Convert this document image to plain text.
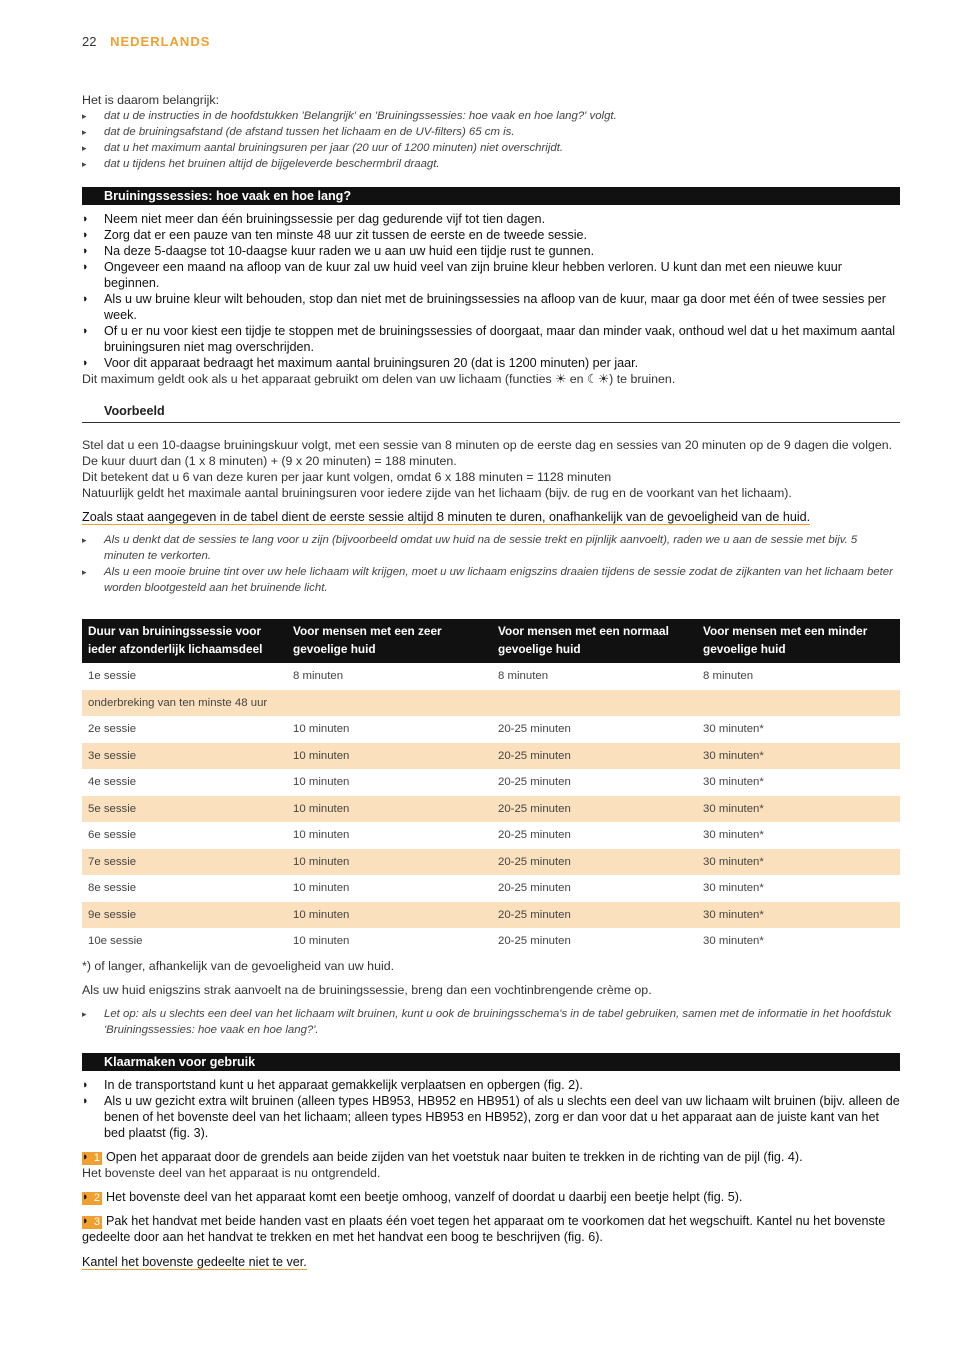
22 NEDERLANDS
Het is daarom belangrijk:
▸ dat u de instructies in de hoofdstukken 'Belangrijk' en 'Bruiningssessies: hoe vaak en hoe lang?' volgt.
▸ dat de bruiningsafstand (de afstand tussen het lichaam en de UV-filters) 65 cm is.
▸ dat u het maximum aantal bruiningsuren per jaar (20 uur of 1200 minuten) niet overschrijdt.
▸ dat u tijdens het bruinen altijd de bijgeleverde beschermbril draagt.
Bruiningssessies: hoe vaak en hoe lang?
◗ Neem niet meer dan één bruiningssessie per dag gedurende vijf tot tien dagen.
◗ Zorg dat er een pauze van ten minste 48 uur zit tussen de eerste en de tweede sessie.
◗ Na deze 5-daagse tot 10-daagse kuur raden we u aan uw huid een tijdje rust te gunnen.
◗ Ongeveer een maand na afloop van de kuur zal uw huid veel van zijn bruine kleur hebben verloren. U kunt dan met een nieuwe kuur beginnen.
◗ Als u uw bruine kleur wilt behouden, stop dan niet met de bruiningssessies na afloop van de kuur, maar ga door met één of twee sessies per week.
◗ Of u er nu voor kiest een tijdje te stoppen met de bruiningssessies of doorgaat, maar dan minder vaak, onthoud wel dat u het maximum aantal bruiningsuren niet mag overschrijden.
◗ Voor dit apparaat bedraagt het maximum aantal bruiningsuren 20 (dat is 1200 minuten) per jaar.
Dit maximum geldt ook als u het apparaat gebruikt om delen van uw lichaam (functies ☀ en ☾☀) te bruinen.
Voorbeeld
Stel dat u een 10-daagse bruiningskuur volgt, met een sessie van 8 minuten op de eerste dag en sessies van 20 minuten op de 9 dagen die volgen.
De kuur duurt dan (1 x 8 minuten) + (9 x 20 minuten) = 188 minuten.
Dit betekent dat u 6 van deze kuren per jaar kunt volgen, omdat 6 x 188 minuten = 1128 minuten
Natuurlijk geldt het maximale aantal bruiningsuren voor iedere zijde van het lichaam (bijv. de rug en de voorkant van het lichaam).
Zoals staat aangegeven in de tabel dient de eerste sessie altijd 8 minuten te duren, onafhankelijk van de gevoeligheid van de huid.
▸ Als u denkt dat de sessies te lang voor u zijn (bijvoorbeeld omdat uw huid na de sessie trekt en pijnlijk aanvoelt), raden we u aan de sessie met bijv. 5 minuten te verkorten.
▸ Als u een mooie bruine tint over uw hele lichaam wilt krijgen, moet u uw lichaam enigszins draaien tijdens de sessie zodat de zijkanten van het lichaam beter worden blootgesteld aan het bruinende licht.
Duur van bruiningssessie voor ieder afzonderlijk lichaamsdeel	Voor mensen met een zeer gevoelige huid	Voor mensen met een normaal gevoelige huid	Voor mensen met een minder gevoelige huid
1e sessie	8 minuten	8 minuten	8 minuten
onderbreking van ten minste 48 uur			
2e sessie	10 minuten	20-25 minuten	30 minuten*
3e sessie	10 minuten	20-25 minuten	30 minuten*
4e sessie	10 minuten	20-25 minuten	30 minuten*
5e sessie	10 minuten	20-25 minuten	30 minuten*
6e sessie	10 minuten	20-25 minuten	30 minuten*
7e sessie	10 minuten	20-25 minuten	30 minuten*
8e sessie	10 minuten	20-25 minuten	30 minuten*
9e sessie	10 minuten	20-25 minuten	30 minuten*
10e sessie	10 minuten	20-25 minuten	30 minuten*
*) of langer, afhankelijk van de gevoeligheid van uw huid.
Als uw huid enigszins strak aanvoelt na de bruiningssessie, breng dan een vochtinbrengende crème op.
▸ Let op: als u slechts een deel van het lichaam wilt bruinen, kunt u ook de bruiningsschema's in de tabel gebruiken, samen met de informatie in het hoofdstuk 'Bruiningssessies: hoe vaak en hoe lang?'.
Klaarmaken voor gebruik
◗ In de transportstand kunt u het apparaat gemakkelijk verplaatsen en opbergen (fig. 2).
◗ Als u uw gezicht extra wilt bruinen (alleen types HB953, HB952 en HB951) of als u slechts een deel van uw lichaam wilt bruinen (bijv. alleen de benen of het bovenste deel van het lichaam; alleen types HB953 en HB952), zorg er dan voor dat u het apparaat aan de juiste kant van het bed plaatst (fig. 3).
◗ 1 Open het apparaat door de grendels aan beide zijden van het voetstuk naar buiten te trekken in de richting van de pijl (fig. 4).
Het bovenste deel van het apparaat is nu ontgrendeld.
◗ 2 Het bovenste deel van het apparaat komt een beetje omhoog, vanzelf of doordat u daarbij een beetje helpt (fig. 5).
◗ 3 Pak het handvat met beide handen vast en plaats één voet tegen het apparaat om te voorkomen dat het wegschuift. Kantel nu het bovenste gedeelte door aan het handvat te trekken en met het handvat een boog te beschrijven (fig. 6).
Kantel het bovenste gedeelte niet te ver.
